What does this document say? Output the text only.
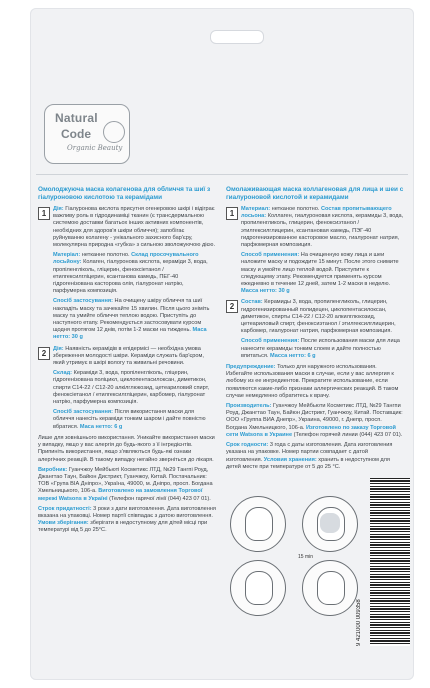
Natural
Code
Organic Beauty
Омолоджуюча маска колагенова для обличчя та шиї з гіалуроновою кислотою та керамідами
1	Дія: Гіалуронова кислота присутня огенеровою шкірі і відіграє важливу роль в гідродинаміці тканин (є трансдермальною системою доставки багатьох інших активних компонентів, необхідних для здоров'я шкіри обличчя); запобігає руйнуванню колагену - унікального захисного бар'єру, молекулярна природна «губка» з сильною зволожуючою дією.

Матеріал: нетканне полотно. Склад просочувального лосьйону: Колаген, гіалуронова кислота, кераміди 3, вода, пропіленгліколь, гліцерин, феноксіетанол / етилгексилгліцерин, ксантанова камедь, ПЕГ-40 гідрогенізована касторова олія, гіалуронат натрію, парфумерна композиція.

Спосіб застосування: На очищену шкіру обличчя та шиї накладіть маску та зачекайте 15 хвилин. Після цього зніміть маску та умийте обличчя теплою водою. Приступіть до наступного етапу. Рекомендується застосовувати курсом щодня протягом 12 днів, потім 1-2 маски на тиждень. Маса нетто: 30 g

2	Дія: Наявність керамідів в епідермісі — необхідна умова збереження молодості шкіри. Кераміди служать бар'єром, який утримує в шкірі вологу та живильні речовини.

Склад: Кераміди 3, вода, пропіленгліколь, гліцерин, гідрогенізована поліцикл, циклопентасилоксан, диметикон, спирти С14-22 / С12-20 алкілглюкозид, цетеариловий спирт, феноксіетанол / етилгексилгліцерин, карбомер, гіалуронат натрію, парфумерна композиція.

Спосіб застосування: Після використання маски для обличчя нанесіть кераміди тонким шаром і дайте повністю вбратися. Маса нетто: 6 g

Лише для зовнішнього використання. Уникайте використання маски у випадку, якщо у вас алергія до будь-якого з її інгредієнтів. Припиніть використання, якщо з'являються будь-які ознаки алергічних реакцій. В такому випадку негайно зверніться до лікаря.

Виробник: Гуанчжоу Мейбьюті Косметикс ЛТД, №29 Тангпі Роуд, Джангтао Таун, Байюн Дистрикт, Гуанчжоу, Китай. Постачальник: ТОВ «Група ВІА Дніпро», Україна, 49000, м. Дніпро, просп. Богдана Хмельницького, 106-а. Виготовлено на замовлення Торгової мережі Watsons в Україні (Телефон гарячої лінії (044) 423 07 01).

Строк придатності: 3 роки з дати виготовлення. Дата виготовлення вказана на упаковці. Номер партії співпадає з датою виготовлення. Умови зберігання: зберігати в недоступному для дітей місці при температурі від 5 до 25°C.

Омолаживающая маска коллагеновая для лица и шеи с гиалуроновой кислотой и керамидами
1	Материал: нетканое полотно. Состав пропитывающего лосьона: Коллаген, гиалуроновая кислота, керамиды 3, вода, пропиленгликоль, глицерин, феноксиэтанол / этилгексилглицерин, ксантановая камедь, ПЭГ-40 гидрогенизированное касторовое масло, гиалуронат натрия, парфюмерная композиция.

Способ применения: На очищенную кожу лица и шеи наложите маску и подождите 15 минут. После этого снимите маску и умойте лицо теплой водой. Приступите к следующему этапу. Рекомендуется применять курсом ежедневно в течение 12 дней, затем 1-2 маски в неделю. Масса нетто: 30 g

2	Состав: Керамиды 3, вода, пропиленгликоль, глицерин, гидрогенизированный полидецен, циклопентасилоксан, диметикон, спирты С14-22 / С12-20 алкилглюкозид, цетеариловый спирт, феноксиэтанол / этилгексилглицерин, карбомер, гиалуронат натрия, парфюмерная композиция.

Способ применения: После использования маски для лица нанесите керамиды тонким слоем и дайте полностью впитаться. Масса нетто: 6 g

Предупреждение: Только для наружного использования. Избегайте использования маски в случае, если у вас аллергия к любому из ее ингредиентов. Прекратите использование, если появляются какие-либо признаки аллергических реакций. В таком случае немедленно обратитесь к врачу.

Производитель: Гуанчжоу Мейбьюти Косметикс ЛТД, №29 Тангпи Роуд, Джангтао Таун, Байюн Дистрикт, Гуанчжоу, Китай. Поставщик: ООО «Группа ВИА Днепр», Украина, 49000, г. Днепр, просп. Богдана Хмельницкого, 106-а. Изготовлено по заказу Торговой сети Watsons в Украине (Телефон горячей линии (044) 423 07 01).

Срок годности: 3 года с даты изготовления. Дата изготовления указана на упаковке. Номер партии совпадает с датой изготовления. Условия хранения: хранить в недоступном для детей месте при температуре от 5 до 25 °С.

15 min
9 421000 009358
